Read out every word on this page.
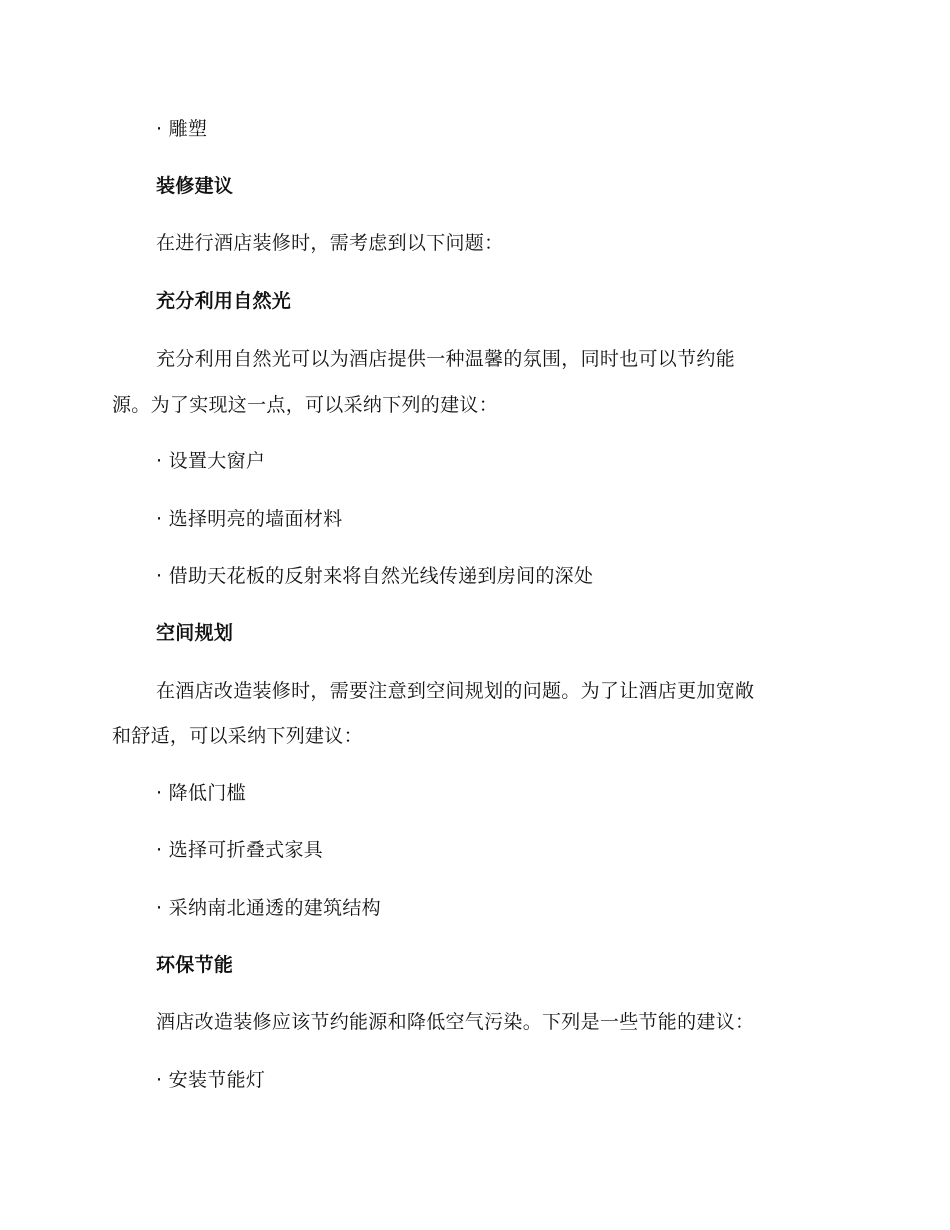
· 雕塑
装修建议
在进行酒店装修时，需考虑到以下问题：
充分利用自然光
充分利用自然光可以为酒店提供一种温馨的氛围，同时也可以节约能
源。为了实现这一点，可以采纳下列的建议：
· 设置大窗户
· 选择明亮的墙面材料
· 借助天花板的反射来将自然光线传递到房间的深处
空间规划
在酒店改造装修时，需要注意到空间规划的问题。为了让酒店更加宽敞
和舒适，可以采纳下列建议：
· 降低门槛
· 选择可折叠式家具
· 采纳南北通透的建筑结构
环保节能
酒店改造装修应该节约能源和降低空气污染。下列是一些节能的建议：
· 安装节能灯
